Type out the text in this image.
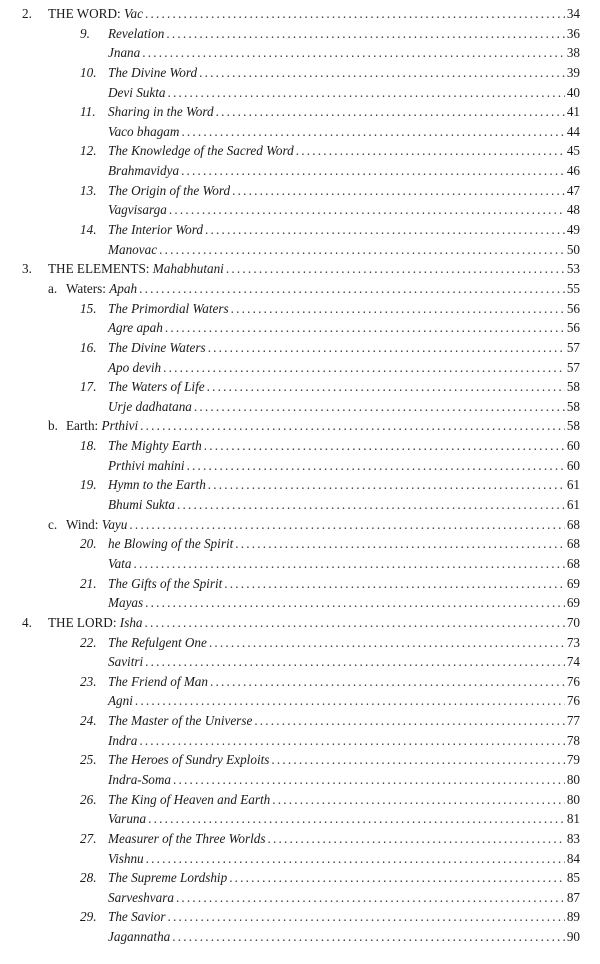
2. THE WORD: Vac .....	34
9. Revelation .....	36
Jnana .....	38
10. The Divine Word .....	39
Devi Sukta .....	40
11. Sharing in the Word .....	41
Vaco bhagam .....	44
12. The Knowledge of the Sacred Word .....	45
Brahmavidya .....	46
13. The Origin of the Word .....	47
Vagvisarga .....	48
14. The Interior Word .....	49
Manovac .....	50
3. THE ELEMENTS: Mahabhutani .....	53
a. Waters: Apah .....	55
15. The Primordial Waters .....	56
Agre apah .....	56
16. The Divine Waters .....	57
Apo devih .....	57
17. The Waters of Life .....	58
Urje dadhatana .....	58
b. Earth: Prthivi .....	58
18. The Mighty Earth .....	60
Prthivi mahini .....	60
19. Hymn to the Earth .....	61
Bhumi Sukta .....	61
c. Wind: Vayu .....	68
20. he Blowing of the Spirit .....	68
Vata .....	68
21. The Gifts of the Spirit .....	69
Mayas .....	69
4. THE LORD: Isha .....	70
22. The Refulgent One .....	73
Savitri .....	74
23. The Friend of Man .....	76
Agni .....	76
24. The Master of the Universe .....	77
Indra .....	78
25. The Heroes of Sundry Exploits .....	79
Indra-Soma .....	80
26. The King of Heaven and Earth .....	80
Varuna .....	81
27. Measurer of the Three Worlds .....	83
Vishnu .....	84
28. The Supreme Lordship .....	85
Sarveshvara .....	87
29. The Savior .....	89
Jagannatha .....	90
